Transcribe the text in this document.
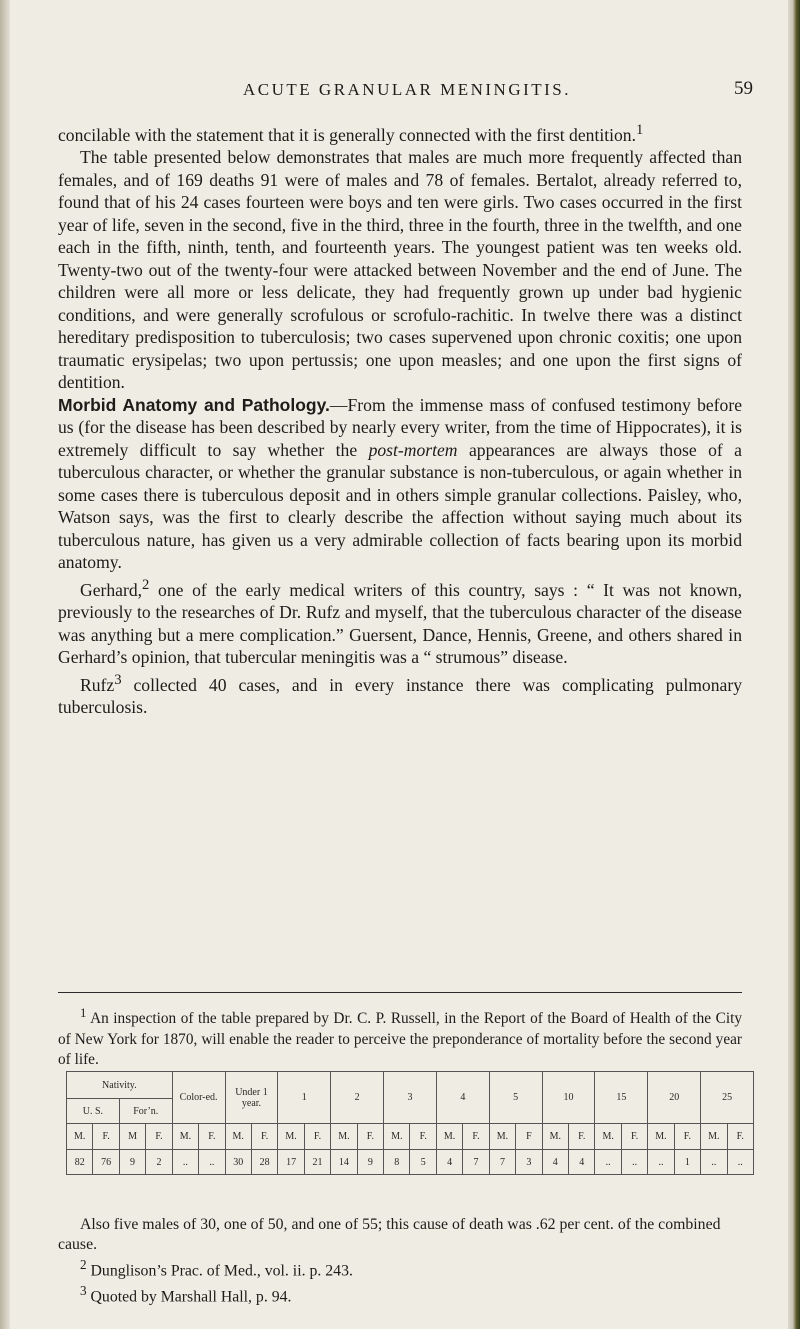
ACUTE GRANULAR MENINGITIS.	59

concilable with the statement that it is generally connected with the first dentition.$^1$

The table presented below demonstrates that males are much more frequently affected than females, and of 169 deaths 91 were of males and 78 of females. Bertalot, already referred to, found that of his 24 cases fourteen were boys and ten were girls. Two cases occurred in the first year of life, seven in the second, five in the third, three in the fourth, three in the twelfth, and one each in the fifth, ninth, tenth, and fourteenth years. The youngest patient was ten weeks old. Twenty-two out of the twenty-four were attacked between November and the end of June. The children were all more or less delicate, they had frequently grown up under bad hygienic conditions, and were generally scrofulous or scrofulo-rachitic. In twelve there was a distinct hereditary predisposition to tuberculosis; two cases supervened upon chronic coxitis; one upon traumatic erysipelas; two upon pertussis; one upon measles; and one upon the first signs of dentition.

Morbid Anatomy and Pathology.—From the immense mass of confused testimony before us (for the disease has been described by nearly every writer, from the time of Hippocrates), it is extremely difficult to say whether the post-mortem appearances are always those of a tuberculous character, or whether the granular substance is non-tuberculous, or again whether in some cases there is tuberculous deposit and in others simple granular collections. Paisley, who, Watson says, was the first to clearly describe the affection without saying much about its tuberculous nature, has given us a very admirable collection of facts bearing upon its morbid anatomy.

Gerhard,$^2$ one of the early medical writers of this country, says : “ It was not known, previously to the researches of Dr. Rufz and myself, that the tuberculous character of the disease was anything but a mere complication.” Guersent, Dance, Hennis, Greene, and others shared in Gerhard’s opinion, that tubercular meningitis was a “ strumous” disease.

Rufz$^3$ collected 40 cases, and in every instance there was complicating pulmonary tuberculosis.

$^1$ An inspection of the table prepared by Dr. C. P. Russell, in the Report of the Board of Health of the City of New York for 1870, will enable the reader to perceive the preponderance of mortality before the second year of life.

Nativity.				Color-ed.		Under 1 year.		1		2		3		4		5		10		15		20		25	
U. S.		For’n.																							
M.	F.	M	F.	M.	F.	M.	F.	M.	F.	M.	F.	M.	F.	M.	F.	M.	F	M.	F.	M.	F.	M.	F.	M.	F.
82	76	9	2	..	..	30	28	17	21	14	9	8	5	4	7	7	3	4	4	..	..	..	1	..	..

Also five males of 30, one of 50, and one of 55; this cause of death was .62 per cent. of the combined cause.

$^2$ Dunglison’s Prac. of Med., vol. ii. p. 243.

$^3$ Quoted by Marshall Hall, p. 94.
